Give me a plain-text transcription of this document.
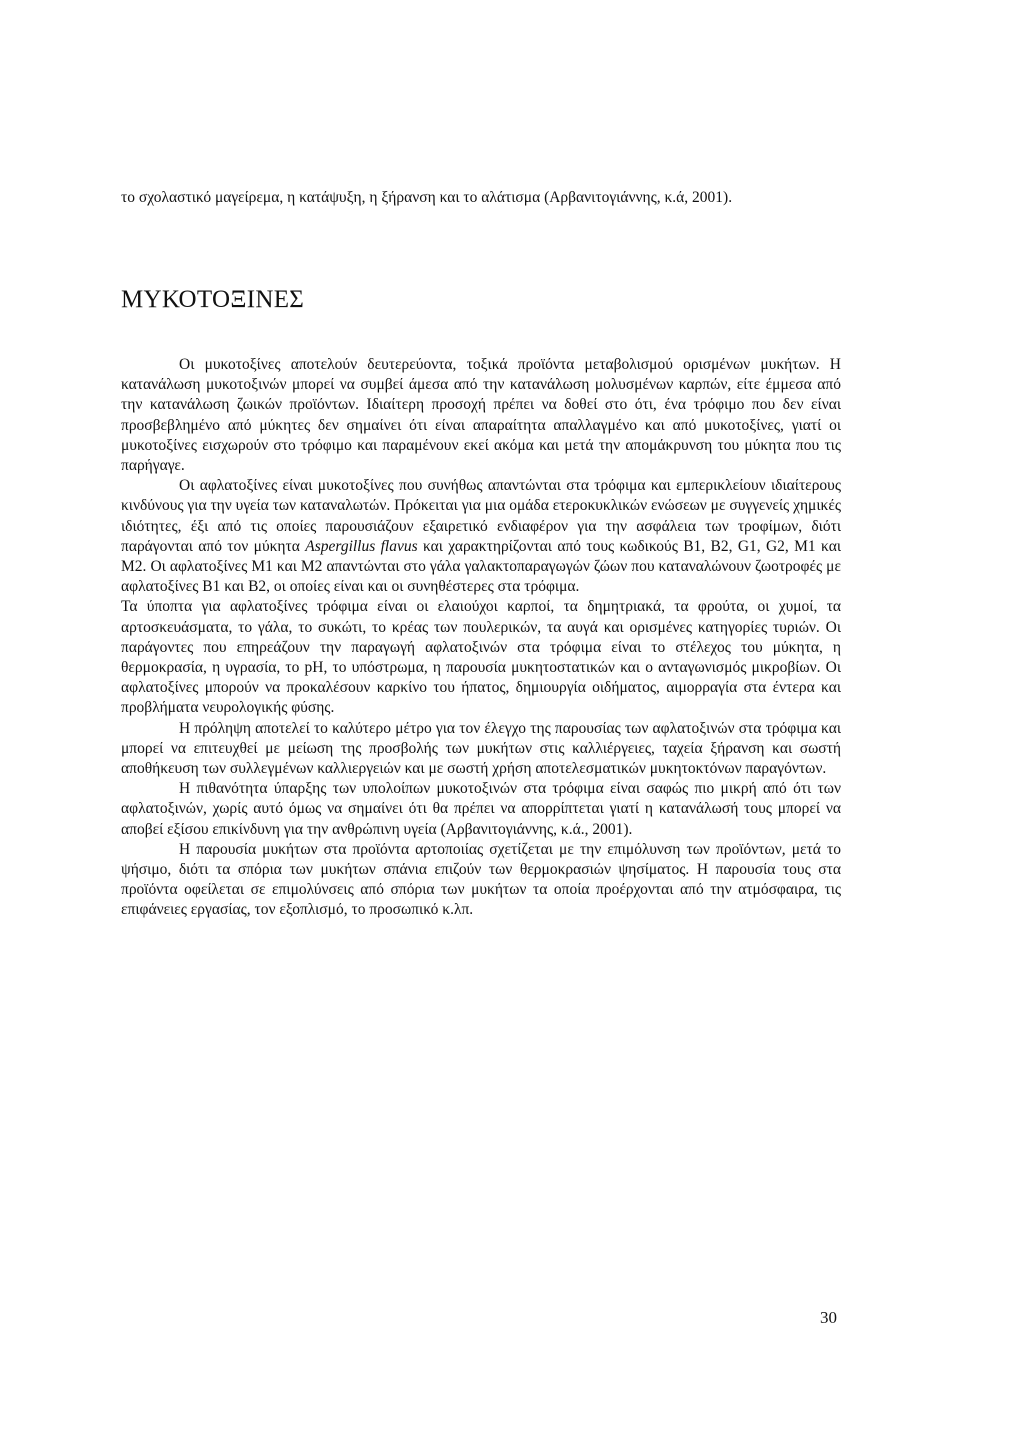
το σχολαστικό μαγείρεμα, η κατάψυξη, η ξήρανση και το αλάτισμα (Αρβανιτογιάννης, κ.ά, 2001).

ΜΥΚΟΤΟΞΙΝΕΣ

Οι μυκοτοξίνες αποτελούν δευτερεύοντα, τοξικά προϊόντα μεταβολισμού ορισμένων μυκήτων. Η κατανάλωση μυκοτοξινών μπορεί να συμβεί άμεσα από την κατανάλωση μολυσμένων καρπών, είτε έμμεσα από την κατανάλωση ζωικών προϊόντων. Ιδιαίτερη προσοχή πρέπει να δοθεί στο ότι, ένα τρόφιμο που δεν είναι προσβεβλημένο από μύκητες δεν σημαίνει ότι είναι απαραίτητα απαλλαγμένο και από μυκοτοξίνες, γιατί οι μυκοτοξίνες εισχωρούν στο τρόφιμο και παραμένουν εκεί ακόμα και μετά την απομάκρυνση του μύκητα που τις παρήγαγε.

Οι αφλατοξίνες είναι μυκοτοξίνες που συνήθως απαντώνται στα τρόφιμα και εμπερικλείουν ιδιαίτερους κινδύνους για την υγεία των καταναλωτών. Πρόκειται για μια ομάδα ετεροκυκλικών ενώσεων με συγγενείς χημικές ιδιότητες, έξι από τις οποίες παρουσιάζουν εξαιρετικό ενδιαφέρον για την ασφάλεια των τροφίμων, διότι παράγονται από τον μύκητα Aspergillus flavus και χαρακτηρίζονται από τους κωδικούς Β1, Β2, G1, G2, M1 και M2. Οι αφλατοξίνες M1 και M2 απαντώνται στο γάλα γαλακτοπαραγωγών ζώων που καταναλώνουν ζωοτροφές με αφλατοξίνες B1 και B2, οι οποίες είναι και οι συνηθέστερες στα τρόφιμα.

Τα ύποπτα για αφλατοξίνες τρόφιμα είναι οι ελαιούχοι καρποί, τα δημητριακά, τα φρούτα, οι χυμοί, τα αρτοσκευάσματα, το γάλα, το συκώτι, το κρέας των πουλερικών, τα αυγά και ορισμένες κατηγορίες τυριών. Οι παράγοντες που επηρεάζουν την παραγωγή αφλατοξινών στα τρόφιμα είναι το στέλεχος του μύκητα, η θερμοκρασία, η υγρασία, το pH, το υπόστρωμα, η παρουσία μυκητοστατικών και ο ανταγωνισμός μικροβίων. Οι αφλατοξίνες μπορούν να προκαλέσουν καρκίνο του ήπατος, δημιουργία οιδήματος, αιμορραγία στα έντερα και προβλήματα νευρολογικής φύσης.

Η πρόληψη αποτελεί το καλύτερο μέτρο για τον έλεγχο της παρουσίας των αφλατοξινών στα τρόφιμα και μπορεί να επιτευχθεί με μείωση της προσβολής των μυκήτων στις καλλιέργειες, ταχεία ξήρανση και σωστή αποθήκευση των συλλεγμένων καλλιεργειών και με σωστή χρήση αποτελεσματικών μυκητοκτόνων παραγόντων.

Η πιθανότητα ύπαρξης των υπολοίπων μυκοτοξινών στα τρόφιμα είναι σαφώς πιο μικρή από ότι των αφλατοξινών, χωρίς αυτό όμως να σημαίνει ότι θα πρέπει να απορρίπτεται γιατί η κατανάλωσή τους μπορεί να αποβεί εξίσου επικίνδυνη για την ανθρώπινη υγεία (Αρβανιτογιάννης, κ.ά., 2001).

Η παρουσία μυκήτων στα προϊόντα αρτοποιίας σχετίζεται με την επιμόλυνση των προϊόντων, μετά το ψήσιμο, διότι τα σπόρια των μυκήτων σπάνια επιζούν των θερμοκρασιών ψησίματος. Η παρουσία τους στα προϊόντα οφείλεται σε επιμολύνσεις από σπόρια των μυκήτων τα οποία προέρχονται από την ατμόσφαιρα, τις επιφάνειες εργασίας, τον εξοπλισμό, το προσωπικό κ.λπ.

30
